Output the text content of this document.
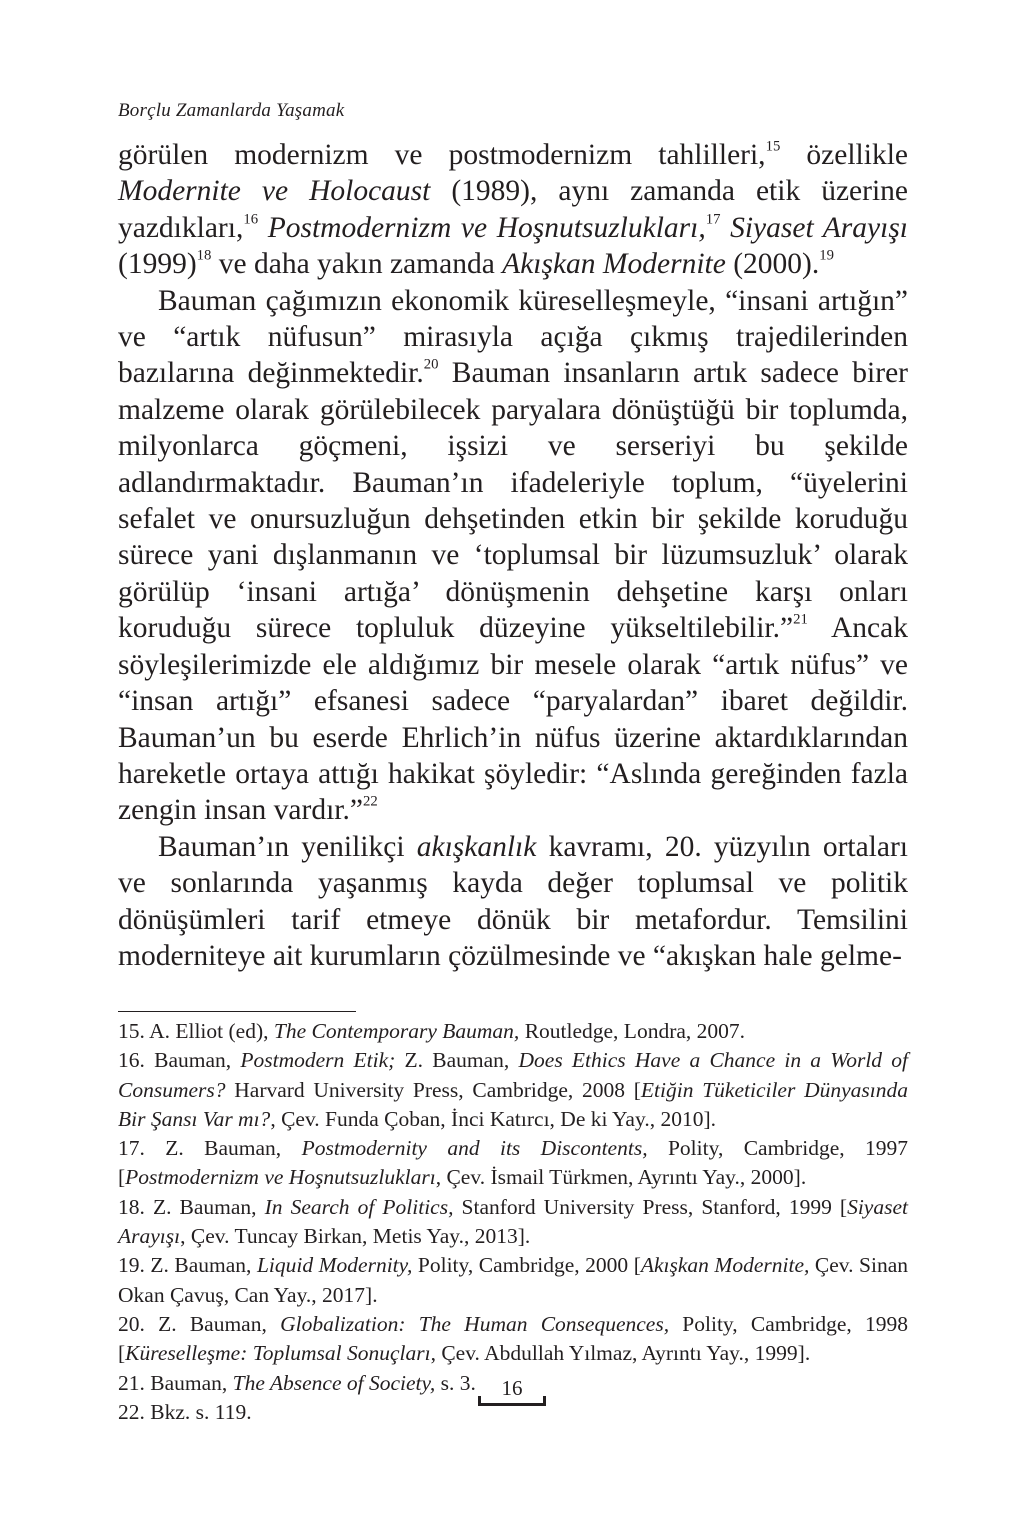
Borçlu Zamanlarda Yaşamak

görülen modernizm ve postmodernizm tahlilleri,$^{15}$ özellikle Modernite ve Holocaust (1989), aynı zamanda etik üzerine yazdıkları,$^{16}$ Postmodernizm ve Hoşnutsuzlukları,$^{17}$ Siyaset Arayışı $(1999)^{18}$ ve daha yakın zamanda Akışkan Modernite (2000).$^{19}$

Bauman çağımızın ekonomik küreselleşmeyle, “insani artığın” ve “artık nüfusun” mirasıyla açığa çıkmış trajedilerinden bazılarına değinmektedir.$^{20}$ Bauman insanların artık sadece birer malzeme olarak görülebilecek paryalara dönüştüğü bir toplumda, milyonlarca göçmeni, işsizi ve serseriyi bu şekilde adlandırmaktadır. Bauman’ın ifadeleriyle toplum, “üyelerini sefalet ve onursuzluğun dehşetinden etkin bir şekilde koruduğu sürece yani dışlanmanın ve ‘toplumsal bir lüzumsuzluk’ olarak görülüp ‘insani artığa’ dönüşmenin dehşetine karşı onları koruduğu sürece topluluk düzeyine yükseltilebilir.”$^{21}$ Ancak söyleşilerimizde ele aldığımız bir mesele olarak “artık nüfus” ve “insan artığı” efsanesi sadece “paryalardan” ibaret değildir. Bauman’un bu eserde Ehrlich’in nüfus üzerine aktardıklarından hareketle ortaya attığı hakikat şöyledir: “Aslında gereğinden fazla zengin insan vardır.”$^{22}$

Bauman’ın yenilikçi akışkanlık kavramı, 20. yüzyılın ortaları ve sonlarında yaşanmış kayda değer toplumsal ve politik dönüşümleri tarif etmeye dönük bir metafordur. Temsilini moderniteye ait kurumların çözülmesinde ve “akışkan hale gelme-

15. A. Elliot (ed), The Contemporary Bauman, Routledge, Londra, 2007.

16. Bauman, Postmodern Etik; Z. Bauman, Does Ethics Have a Chance in a World of Consumers? Harvard University Press, Cambridge, 2008 [Etiğin Tüketiciler Dünyasında Bir Şansı Var mı?, Çev. Funda Çoban, İnci Katırcı, De ki Yay., 2010].

17. Z. Bauman, Postmodernity and its Discontents, Polity, Cambridge, 1997 [Postmodernizm ve Hoşnutsuzlukları, Çev. İsmail Türkmen, Ayrıntı Yay., 2000].

18. Z. Bauman, In Search of Politics, Stanford University Press, Stanford, 1999 [Siyaset Arayışı, Çev. Tuncay Birkan, Metis Yay., 2013].

19. Z. Bauman, Liquid Modernity, Polity, Cambridge, 2000 [Akışkan Modernite, Çev. Sinan Okan Çavuş, Can Yay., 2017].

20. Z. Bauman, Globalization: The Human Consequences, Polity, Cambridge, 1998 [Küreselleşme: Toplumsal Sonuçları, Çev. Abdullah Yılmaz, Ayrıntı Yay., 1999].

21. Bauman, The Absence of Society, s. 3.

22. Bkz. s. 119.

16
